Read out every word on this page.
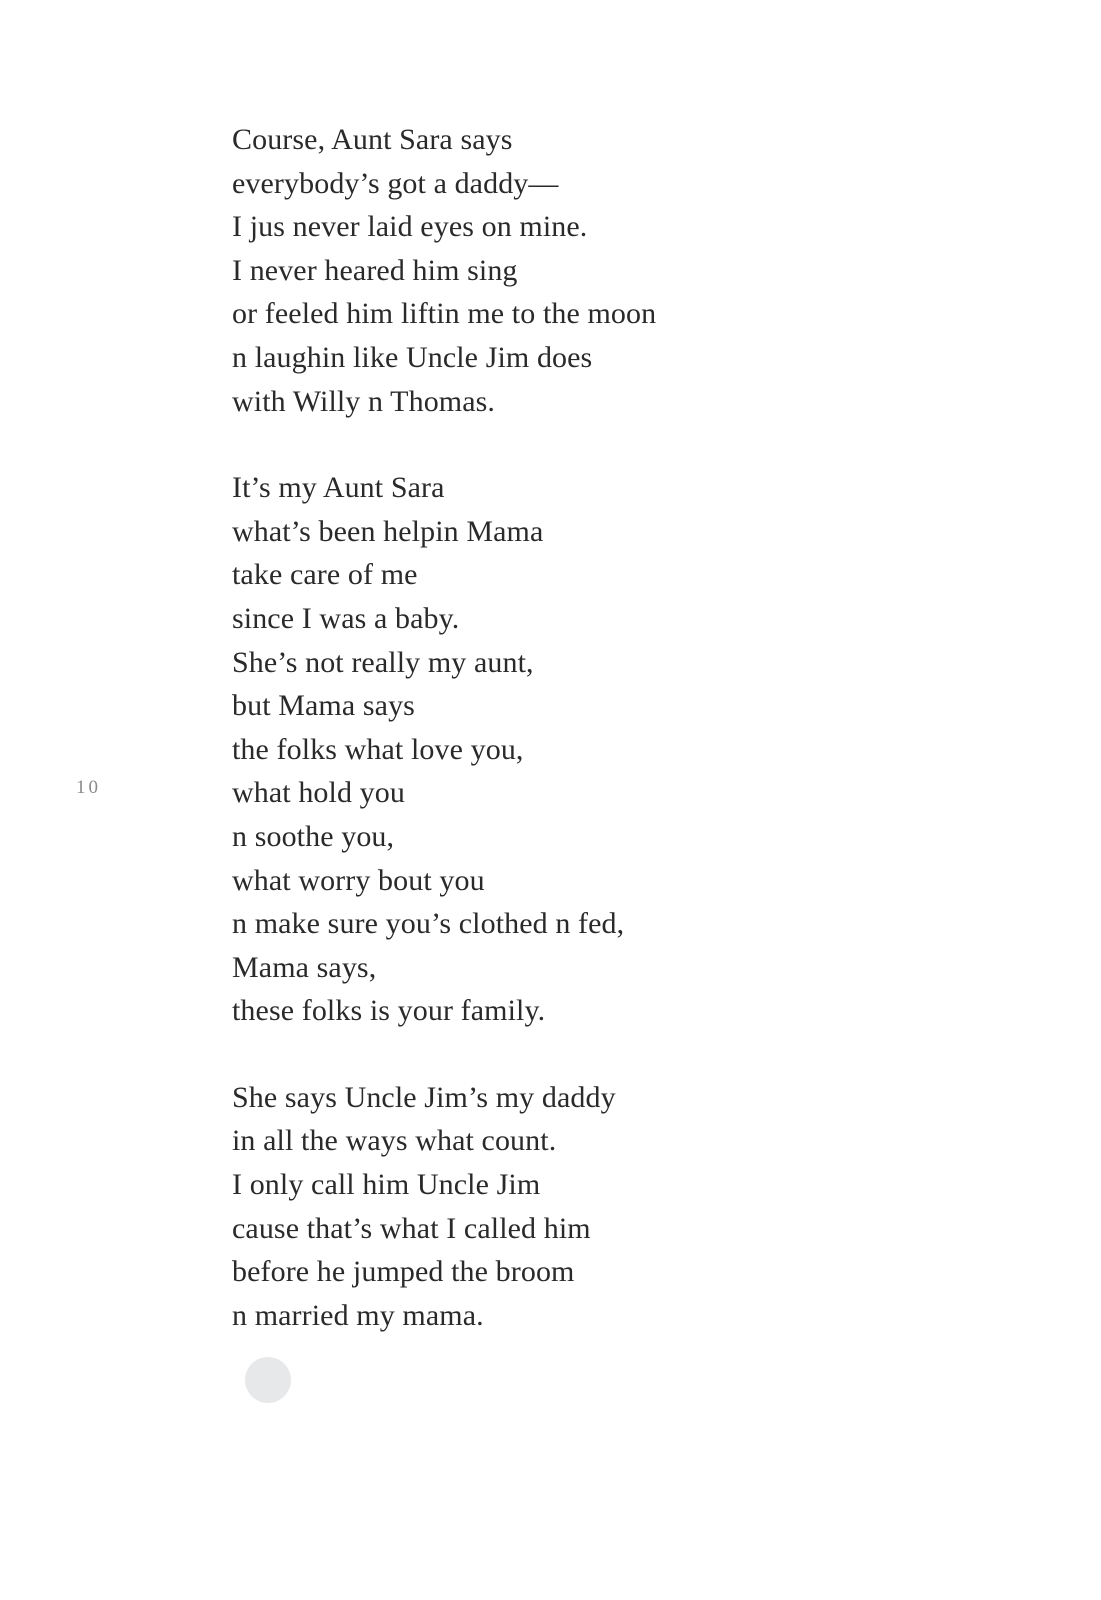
10
Course, Aunt Sara says
everybody’s got a daddy—
I jus never laid eyes on mine.
I never heared him sing
or feeled him liftin me to the moon
n laughin like Uncle Jim does
with Willy n Thomas.
It’s my Aunt Sara
what’s been helpin Mama
take care of me
since I was a baby.
She’s not really my aunt,
but Mama says
the folks what love you,
what hold you
n soothe you,
what worry bout you
n make sure you’s clothed n fed,
Mama says,
these folks is your family.
She says Uncle Jim’s my daddy
in all the ways what count.
I only call him Uncle Jim
cause that’s what I called him
before he jumped the broom
n married my mama.
